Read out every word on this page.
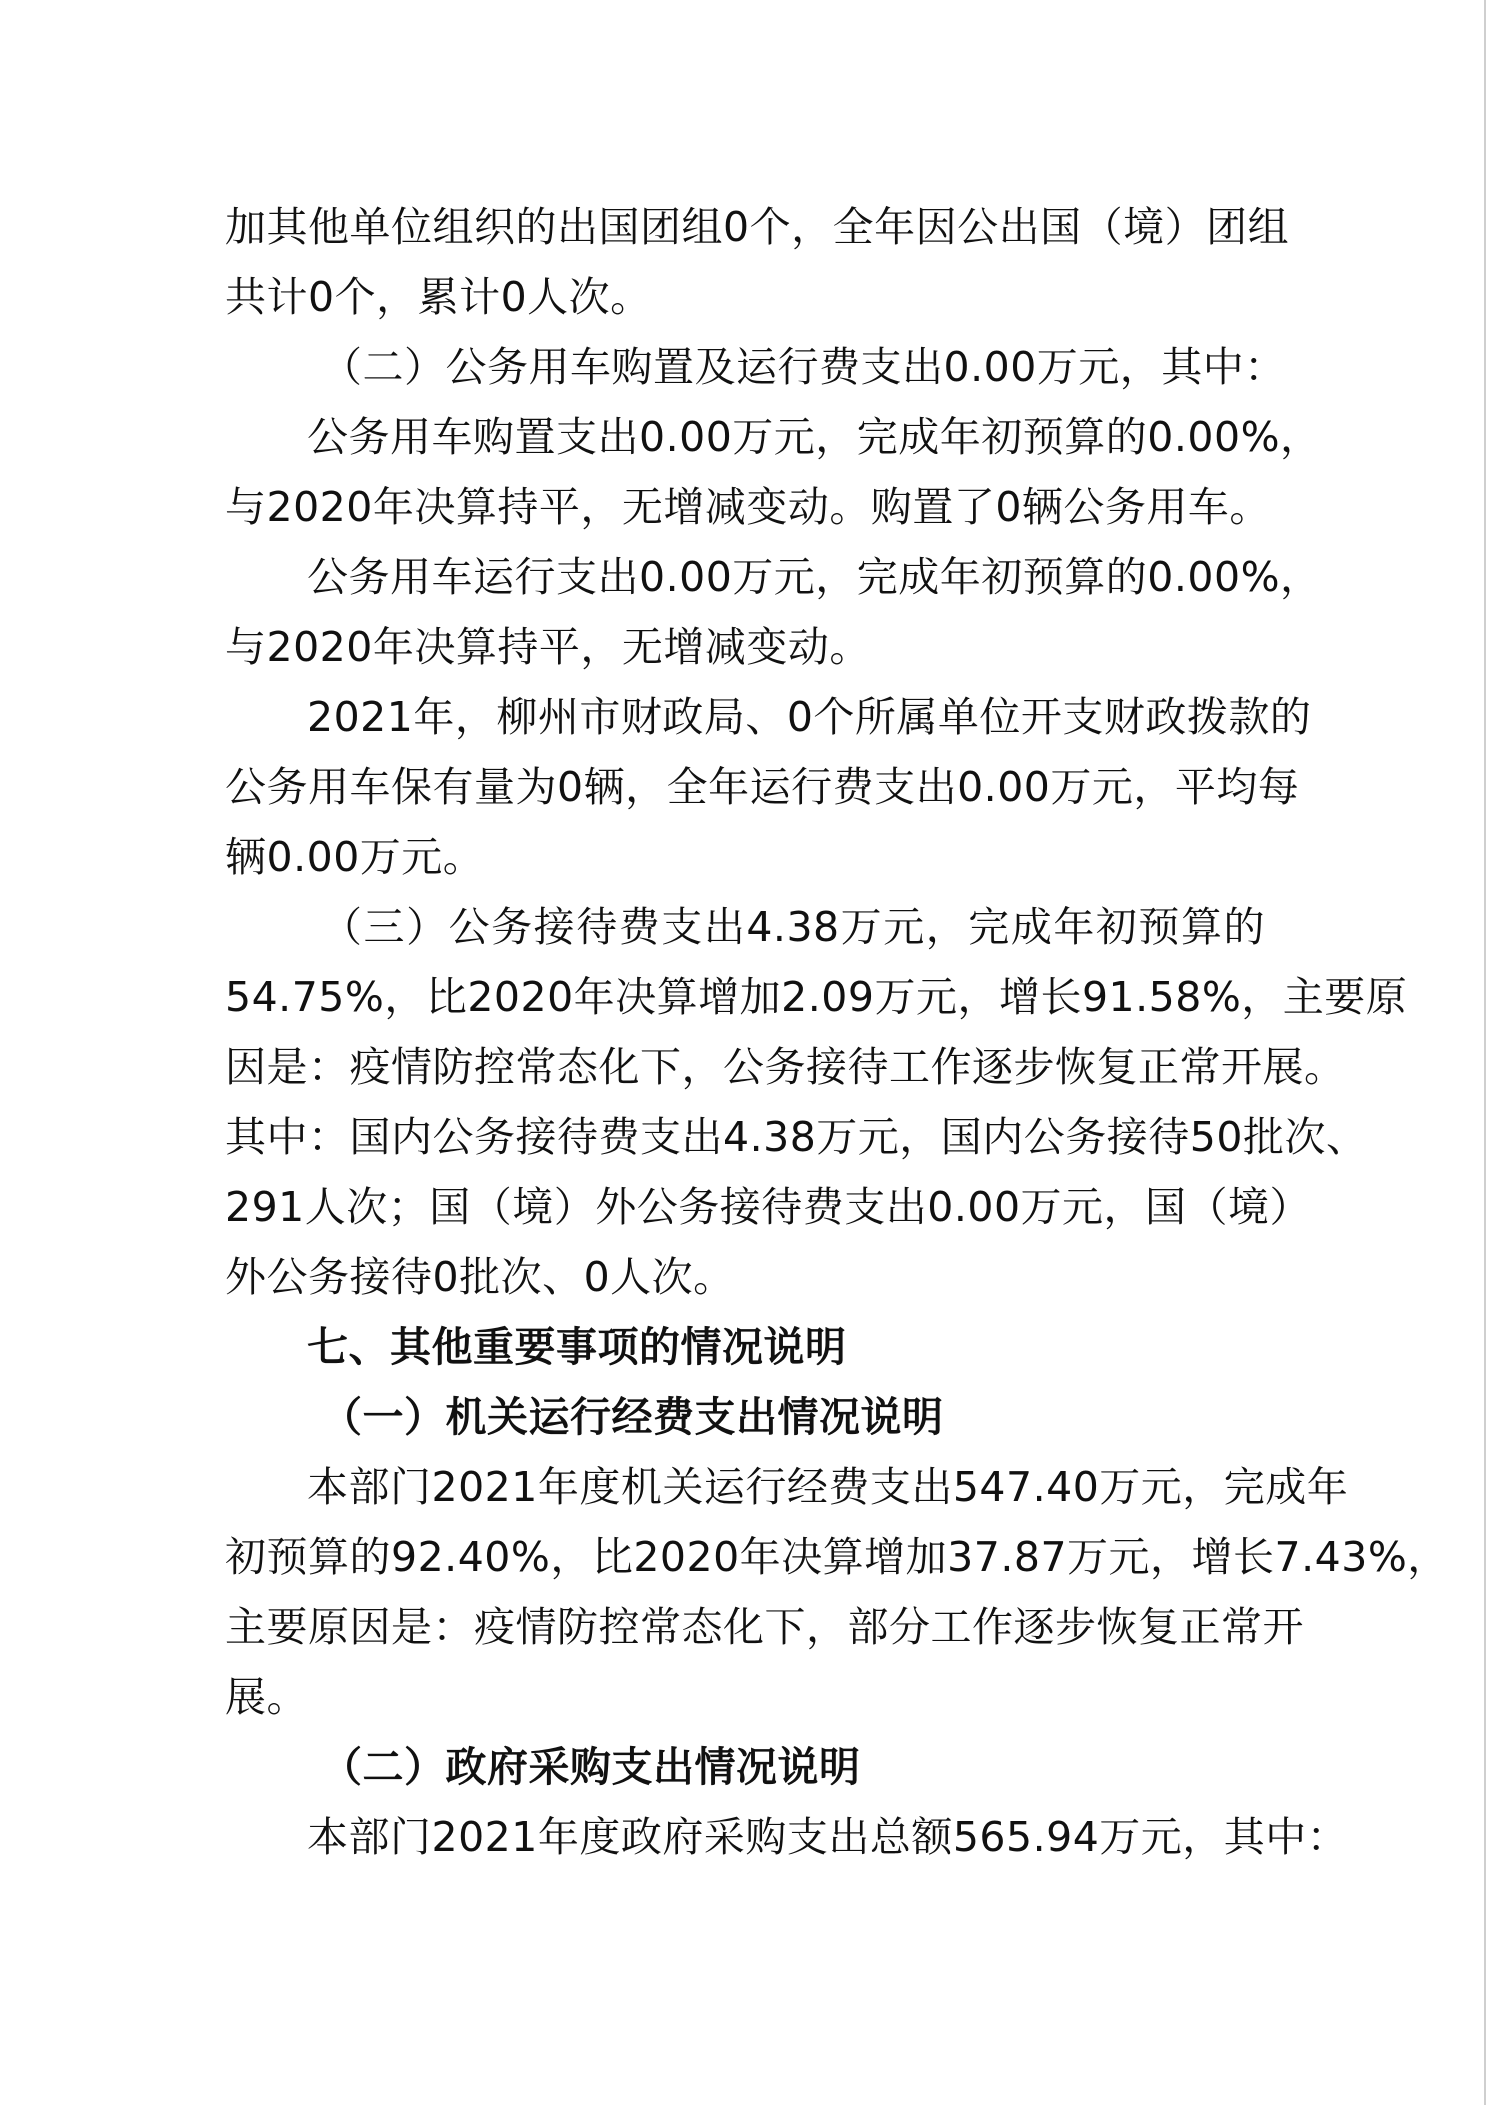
加其他单位组织的出国团组0个，全年因公出国（境）团组
共计0个，累计0人次。
（二）公务用车购置及运行费支出0.00万元，其中：
公务用车购置支出0.00万元，完成年初预算的0.00%，
与2020年决算持平，无增减变动。购置了0辆公务用车。
公务用车运行支出0.00万元，完成年初预算的0.00%，
与2020年决算持平，无增减变动。
2021年，柳州市财政局、0个所属单位开支财政拨款的
公务用车保有量为0辆，全年运行费支出0.00万元，平均每
辆0.00万元。
（三）公务接待费支出4.38万元，完成年初预算的
54.75%，比2020年决算增加2.09万元，增长91.58%，主要原
因是：疫情防控常态化下，公务接待工作逐步恢复正常开展。
其中：国内公务接待费支出4.38万元，国内公务接待50批次、
291人次；国（境）外公务接待费支出0.00万元，国（境）
外公务接待0批次、0人次。
七、其他重要事项的情况说明
（一）机关运行经费支出情况说明
本部门2021年度机关运行经费支出547.40万元，完成年
初预算的92.40%，比2020年决算增加37.87万元，增长7.43%，
主要原因是：疫情防控常态化下，部分工作逐步恢复正常开
展。
（二）政府采购支出情况说明
本部门2021年度政府采购支出总额565.94万元，其中：
